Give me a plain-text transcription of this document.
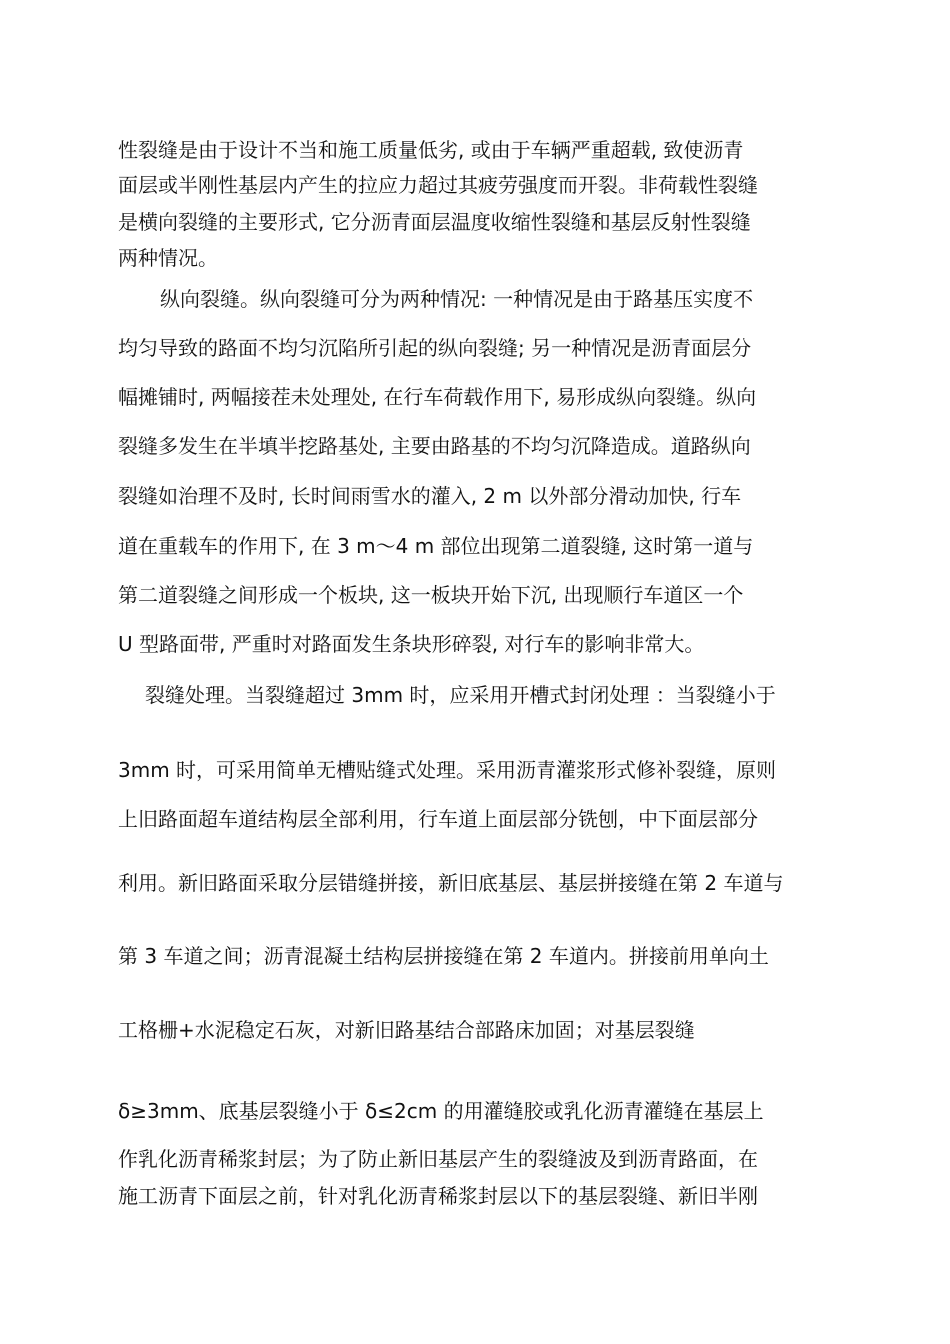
性裂缝是由于设计不当和施工质量低劣, 或由于车辆严重超载, 致使沥青
面层或半刚性基层内产生的拉应力超过其疲劳强度而开裂。非荷载性裂缝
是横向裂缝的主要形式, 它分沥青面层温度收缩性裂缝和基层反射性裂缝
两种情况。
纵向裂缝。纵向裂缝可分为两种情况: 一种情况是由于路基压实度不
均匀导致的路面不均匀沉陷所引起的纵向裂缝; 另一种情况是沥青面层分
幅摊铺时, 两幅接茬未处理处, 在行车荷载作用下, 易形成纵向裂缝。纵向
裂缝多发生在半填半挖路基处, 主要由路基的不均匀沉降造成。道路纵向
裂缝如治理不及时, 长时间雨雪水的灌入, 2 m 以外部分滑动加快, 行车
道在重载车的作用下, 在 3 m～4 m 部位出现第二道裂缝, 这时第一道与
第二道裂缝之间形成一个板块, 这一板块开始下沉, 出现顺行车道区一个
U 型路面带, 严重时对路面发生条块形碎裂, 对行车的影响非常大。
裂缝处理。当裂缝超过 3mm 时，应采用开槽式封闭处理 ：当裂缝小于
3mm 时，可采用简单无槽贴缝式处理。采用沥青灌浆形式修补裂缝，原则
上旧路面超车道结构层全部利用，行车道上面层部分铣刨，中下面层部分
利用。新旧路面采取分层错缝拼接，新旧底基层、基层拼接缝在第 2 车道与
第 3 车道之间；沥青混凝土结构层拼接缝在第 2 车道内。拼接前用单向土
工格栅+水泥稳定石灰，对新旧路基结合部路床加固；对基层裂缝
δ≥3mm、底基层裂缝小于 δ≤2cm 的用灌缝胶或乳化沥青灌缝在基层上
作乳化沥青稀浆封层；为了防止新旧基层产生的裂缝波及到沥青路面，在
施工沥青下面层之前，针对乳化沥青稀浆封层以下的基层裂缝、新旧半刚
